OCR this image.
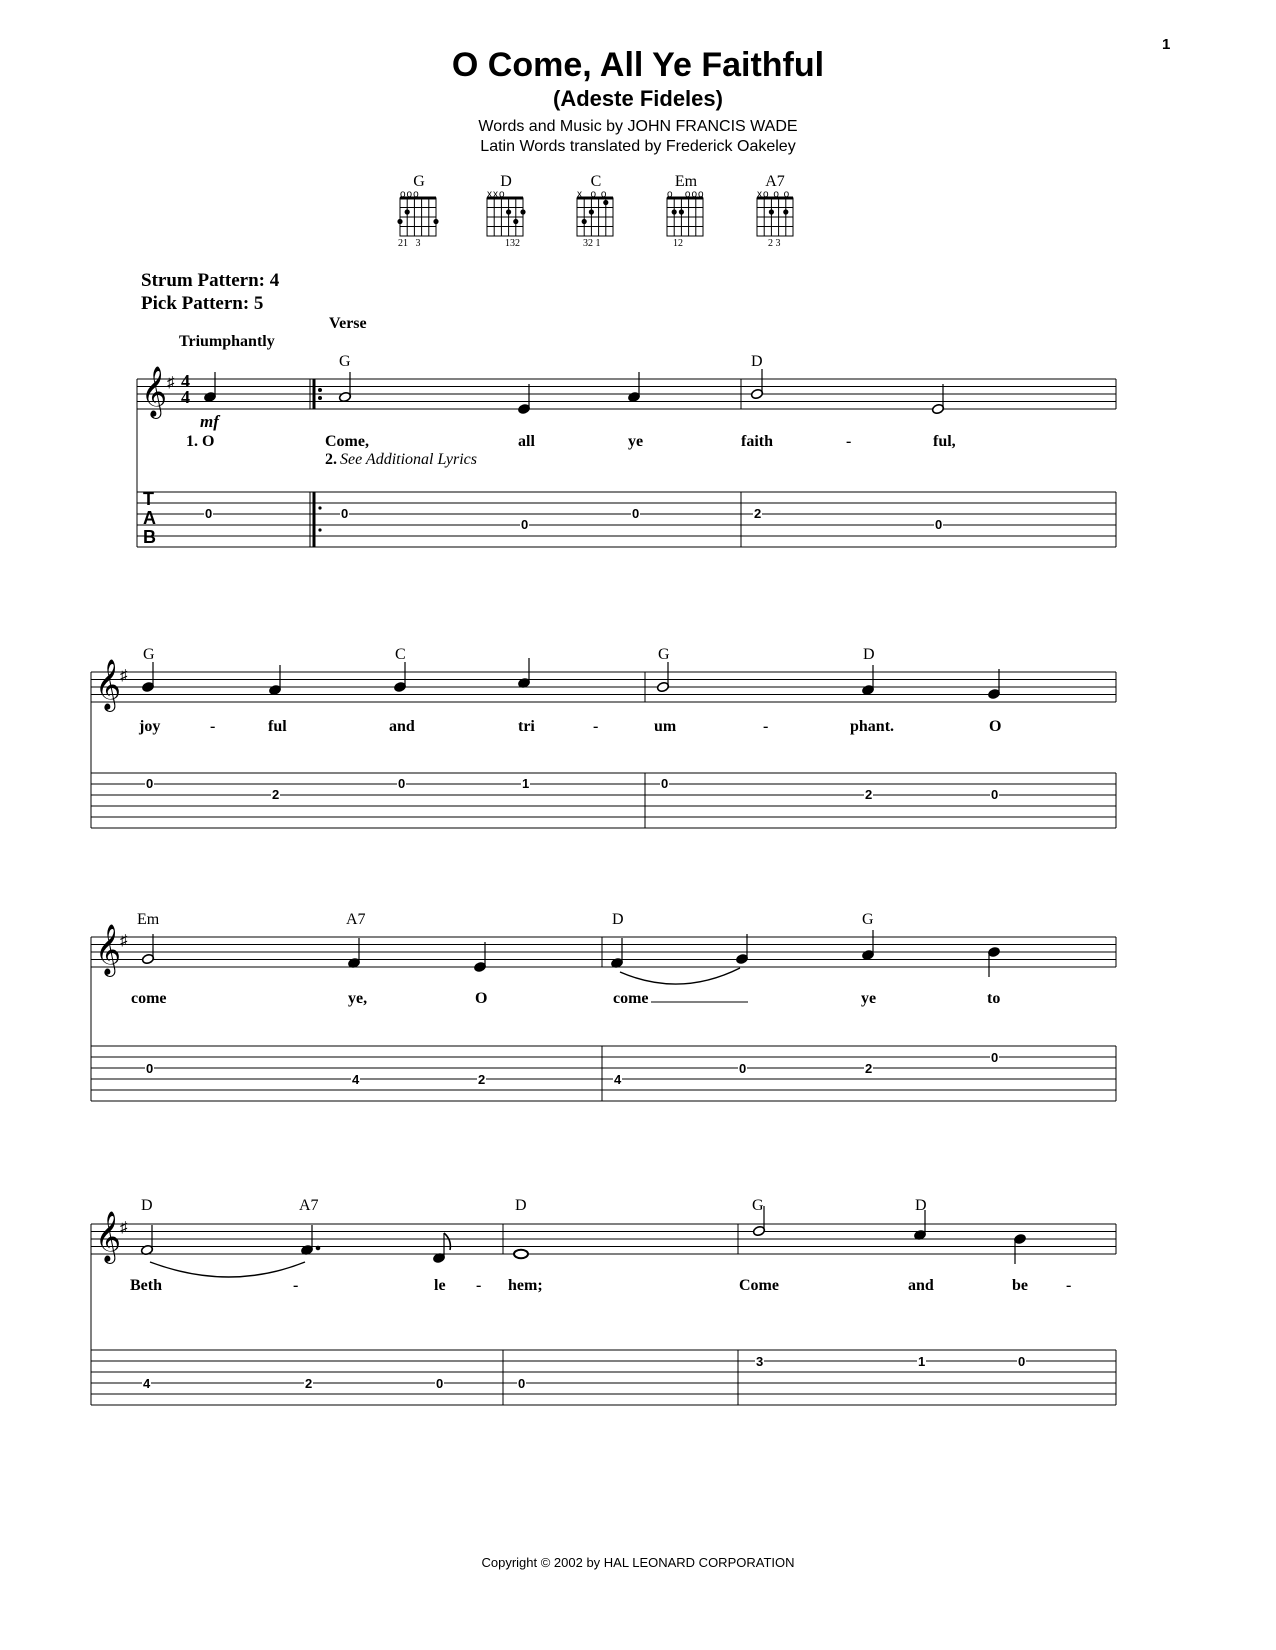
1
O Come, All Ye Faithful
(Adeste Fideles)
Words and Music by JOHN FRANCIS WADE
Latin Words translated by Frederick Oakeley
G	D	C	Em	A7
ooo	xxo	x  o o	o   ooo	xo o o
21   3	132	32 1	12	2 3
Strum Pattern: 4
Pick Pattern: 5
Verse
Triumphantly
𝄞
𝄞
𝄞
𝄞
♯
♯
♯
♯
4
4
mf
T
A
B
G	D
1. O	Come,	all	ye	faith	-	ful,
2. See Additional Lyrics
0	0
0
0	2
0
G	C	G	D
joy	-	ful	and	tri	-	um	-	phant.	O
0
2
0	1	0
2	0
Em	A7	D	G
come	ye,	O	come	ye	to
0
4	2	4
0	2
0
D	A7	D	G	D
Beth	-	le - hem;	Come	and	be -
4	2	0	0
3	1	0
Copyright © 2002 by HAL LEONARD CORPORATION
